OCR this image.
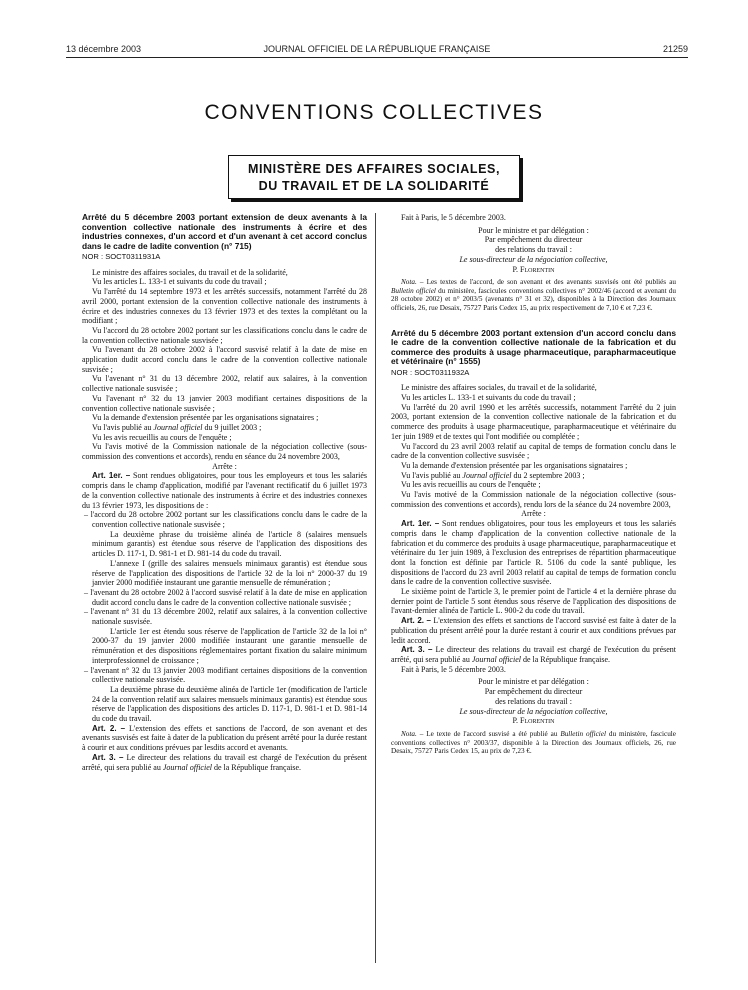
13 décembre 2003	JOURNAL OFFICIEL DE LA RÉPUBLIQUE FRANÇAISE	21259
CONVENTIONS COLLECTIVES
MINISTÈRE DES AFFAIRES SOCIALES,
DU TRAVAIL ET DE LA SOLIDARITÉ

Arrêté du 5 décembre 2003 portant extension de deux avenants à la convention collective nationale des instruments à écrire et des industries connexes, d'un accord et d'un avenant à cet accord conclus dans le cadre de ladite convention (n° 715)

NOR : SOCT0311931A

Le ministre des affaires sociales, du travail et de la solidarité,

Vu les articles L. 133-1 et suivants du code du travail ;

Vu l'arrêté du 14 septembre 1973 et les arrêtés successifs, notamment l'arrêté du 28 avril 2000, portant extension de la convention collective nationale des instruments à écrire et des industries connexes du 13 février 1973 et des textes la complétant ou la modifiant ;

Vu l'accord du 28 octobre 2002 portant sur les classifications conclu dans le cadre de la convention collective nationale susvisée ;

Vu l'avenant du 28 octobre 2002 à l'accord susvisé relatif à la date de mise en application dudit accord conclu dans le cadre de la convention collective nationale susvisée ;

Vu l'avenant n° 31 du 13 décembre 2002, relatif aux salaires, à la convention collective nationale susvisée ;

Vu l'avenant n° 32 du 13 janvier 2003 modifiant certaines dispositions de la convention collective nationale susvisée ;

Vu la demande d'extension présentée par les organisations signataires ;

Vu l'avis publié au Journal officiel du 9 juillet 2003 ;

Vu les avis recueillis au cours de l'enquête ;

Vu l'avis motivé de la Commission nationale de la négociation collective (sous-commission des conventions et accords), rendu en séance du 24 novembre 2003,

Arrête :

Art. 1er. – Sont rendues obligatoires, pour tous les employeurs et tous les salariés compris dans le champ d'application, modifié par l'avenant rectificatif du 6 juillet 1973 de la convention collective nationale des instruments à écrire et des industries connexes du 13 février 1973, les dispositions de :

– l'accord du 28 octobre 2002 portant sur les classifications conclu dans le cadre de la convention collective nationale susvisée ;

La deuxième phrase du troisième alinéa de l'article 8 (salaires mensuels minimum garantis) est étendue sous réserve de l'application des dispositions des articles D. 117-1, D. 981-1 et D. 981-14 du code du travail.

L'annexe I (grille des salaires mensuels minimaux garantis) est étendue sous réserve de l'application des dispositions de l'article 32 de la loi n° 2000-37 du 19 janvier 2000 modifiée instaurant une garantie mensuelle de rémunération ;

– l'avenant du 28 octobre 2002 à l'accord susvisé relatif à la date de mise en application dudit accord conclu dans le cadre de la convention collective nationale susvisée ;

– l'avenant n° 31 du 13 décembre 2002, relatif aux salaires, à la convention collective nationale susvisée.

L'article 1er est étendu sous réserve de l'application de l'article 32 de la loi n° 2000-37 du 19 janvier 2000 modifiée instaurant une garantie mensuelle de rémunération et des dispositions réglementaires portant fixation du salaire minimum interprofessionnel de croissance ;

– l'avenant n° 32 du 13 janvier 2003 modifiant certaines dispositions de la convention collective nationale susvisée.

La deuxième phrase du deuxième alinéa de l'article 1er (modification de l'article 24 de la convention relatif aux salaires mensuels minimaux garantis) est étendue sous réserve de l'application des dispositions des articles D. 117-1, D. 981-1 et D. 981-14 du code du travail.

Art. 2. – L'extension des effets et sanctions de l'accord, de son avenant et des avenants susvisés est faite à dater de la publication du présent arrêté pour la durée restant à courir et aux conditions prévues par lesdits accord et avenants.

Art. 3. – Le directeur des relations du travail est chargé de l'exécution du présent arrêté, qui sera publié au Journal officiel de la République française.

Fait à Paris, le 5 décembre 2003.

Pour le ministre et par délégation :

Par empêchement du directeur

des relations du travail :

Le sous-directeur de la négociation collective,

P. Florentin

Nota. – Les textes de l'accord, de son avenant et des avenants susvisés ont été publiés au Bulletin officiel du ministère, fascicules conventions collectives n° 2002/46 (accord et avenant du 28 octobre 2002) et n° 2003/5 (avenants n° 31 et 32), disponibles à la Direction des Journaux officiels, 26, rue Desaix, 75727 Paris Cedex 15, au prix respectivement de 7,10 € et 7,23 €.

Arrêté du 5 décembre 2003 portant extension d'un accord conclu dans le cadre de la convention collective nationale de la fabrication et du commerce des produits à usage pharmaceutique, parapharmaceutique et vétérinaire (n° 1555)

NOR : SOCT0311932A

Le ministre des affaires sociales, du travail et de la solidarité,

Vu les articles L. 133-1 et suivants du code du travail ;

Vu l'arrêté du 20 avril 1990 et les arrêtés successifs, notamment l'arrêté du 2 juin 2003, portant extension de la convention collective nationale de la fabrication et du commerce des produits à usage pharmaceutique, parapharmaceutique et vétérinaire du 1er juin 1989 et de textes qui l'ont modifiée ou complétée ;

Vu l'accord du 23 avril 2003 relatif au capital de temps de formation conclu dans le cadre de la convention collective susvisée ;

Vu la demande d'extension présentée par les organisations signataires ;

Vu l'avis publié au Journal officiel du 2 septembre 2003 ;

Vu les avis recueillis au cours de l'enquête ;

Vu l'avis motivé de la Commission nationale de la négociation collective (sous-commission des conventions et accords), rendu lors de la séance du 24 novembre 2003,

Arrête :

Art. 1er. – Sont rendues obligatoires, pour tous les employeurs et tous les salariés compris dans le champ d'application de la convention collective nationale de la fabrication et du commerce des produits à usage pharmaceutique, parapharmaceutique et vétérinaire du 1er juin 1989, à l'exclusion des entreprises de répartition pharmaceutique dont la fonction est définie par l'article R. 5106 du code la santé publique, les dispositions de l'accord du 23 avril 2003 relatif au capital de temps de formation conclu dans le cadre de la convention collective susvisée.

Le sixième point de l'article 3, le premier point de l'article 4 et la dernière phrase du dernier point de l'article 5 sont étendus sous réserve de l'application des dispositions de l'avant-dernier alinéa de l'article L. 900-2 du code du travail.

Art. 2. – L'extension des effets et sanctions de l'accord susvisé est faite à dater de la publication du présent arrêté pour la durée restant à courir et aux conditions prévues par ledit accord.

Art. 3. – Le directeur des relations du travail est chargé de l'exécution du présent arrêté, qui sera publié au Journal officiel de la République française.

Fait à Paris, le 5 décembre 2003.

Pour le ministre et par délégation :

Par empêchement du directeur

des relations du travail :

Le sous-directeur de la négociation collective,

P. Florentin

Nota. – Le texte de l'accord susvisé a été publié au Bulletin officiel du ministère, fascicule conventions collectives n° 2003/37, disponible à la Direction des Journaux officiels, 26, rue Desaix, 75727 Paris Cedex 15, au prix de 7,23 €.
